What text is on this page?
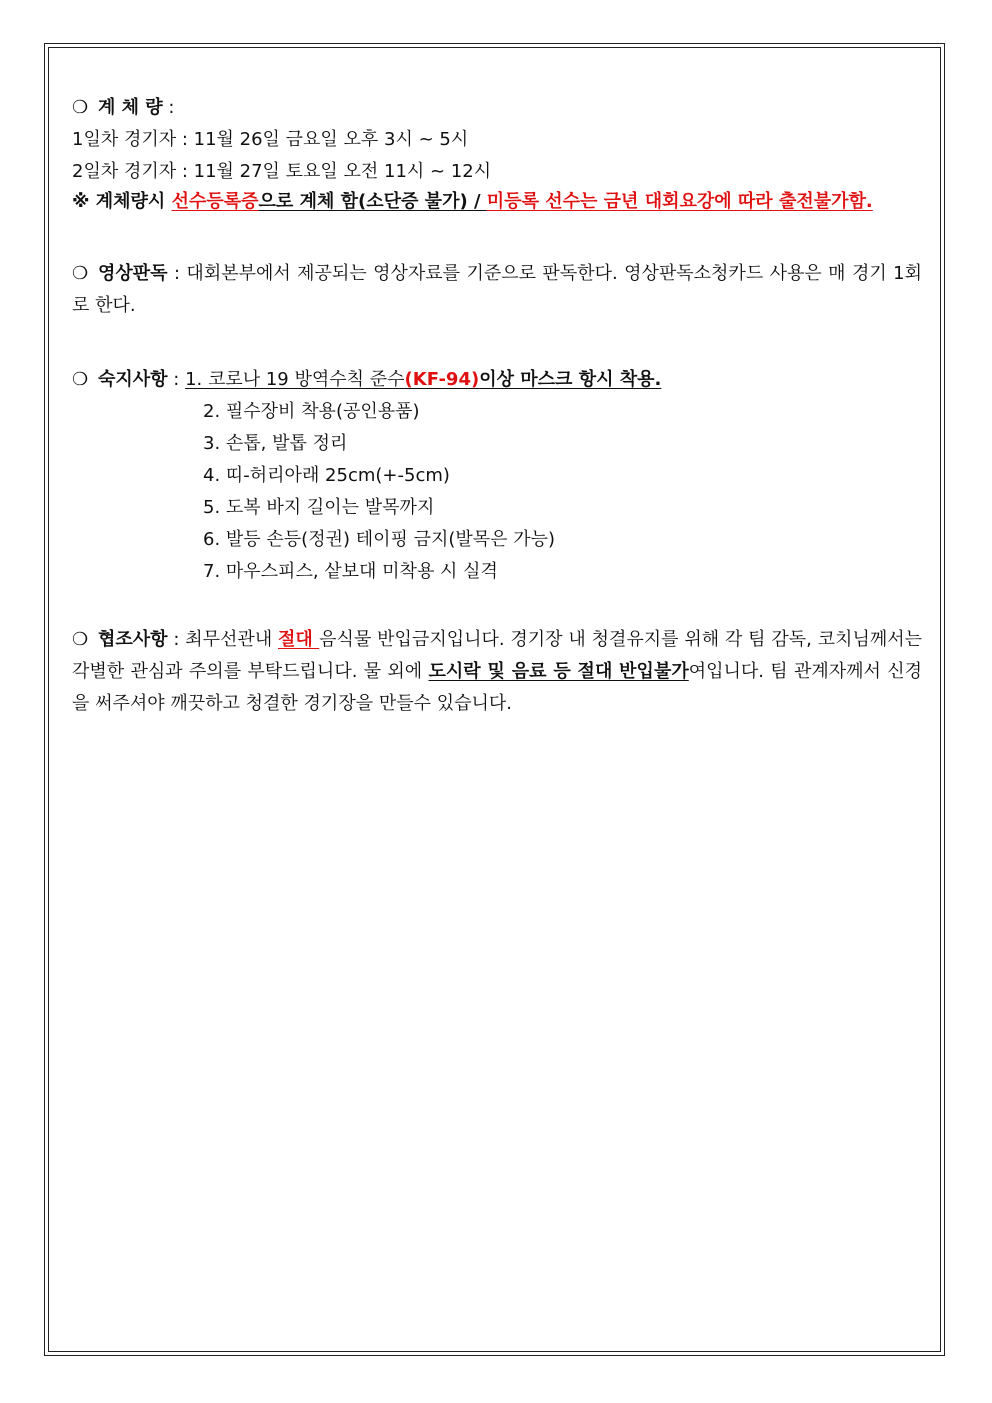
❍ 계 체 량 :
1일차 경기자 : 11월 26일 금요일 오후 3시 ~ 5시
2일차 경기자 : 11월 27일 토요일 오전 11시 ~ 12시
※ 계체량시 선수등록증으로 계체 함(소단증 불가) / 미등록 선수는 금년 대회요강에 따라 출전불가함.
❍ 영상판독 : 대회본부에서 제공되는 영상자료를 기준으로 판독한다. 영상판독소청카드 사용은 매 경기 1회로 한다.
❍ 숙지사항 : 1. 코로나 19 방역수칙 준수(KF-94)이상 마스크 항시 착용.
2. 필수장비 착용(공인용품)
3. 손톱, 발톱 정리
4. 띠-허리아래 25cm(+-5cm)
5. 도복 바지 길이는 발목까지
6. 발등 손등(정권) 테이핑 금지(발목은 가능)
7. 마우스피스, 샅보대 미착용 시 실격
❍ 협조사항 : 최무선관내 절대 음식물 반입금지입니다. 경기장 내 청결유지를 위해 각 팀 감독, 코치님께서는 각별한 관심과 주의를 부탁드립니다. 물 외에 도시락 및 음료 등 절대 반입불가여입니다. 팀 관계자께서 신경을 써주셔야 깨끗하고 청결한 경기장을 만들수 있습니다.
